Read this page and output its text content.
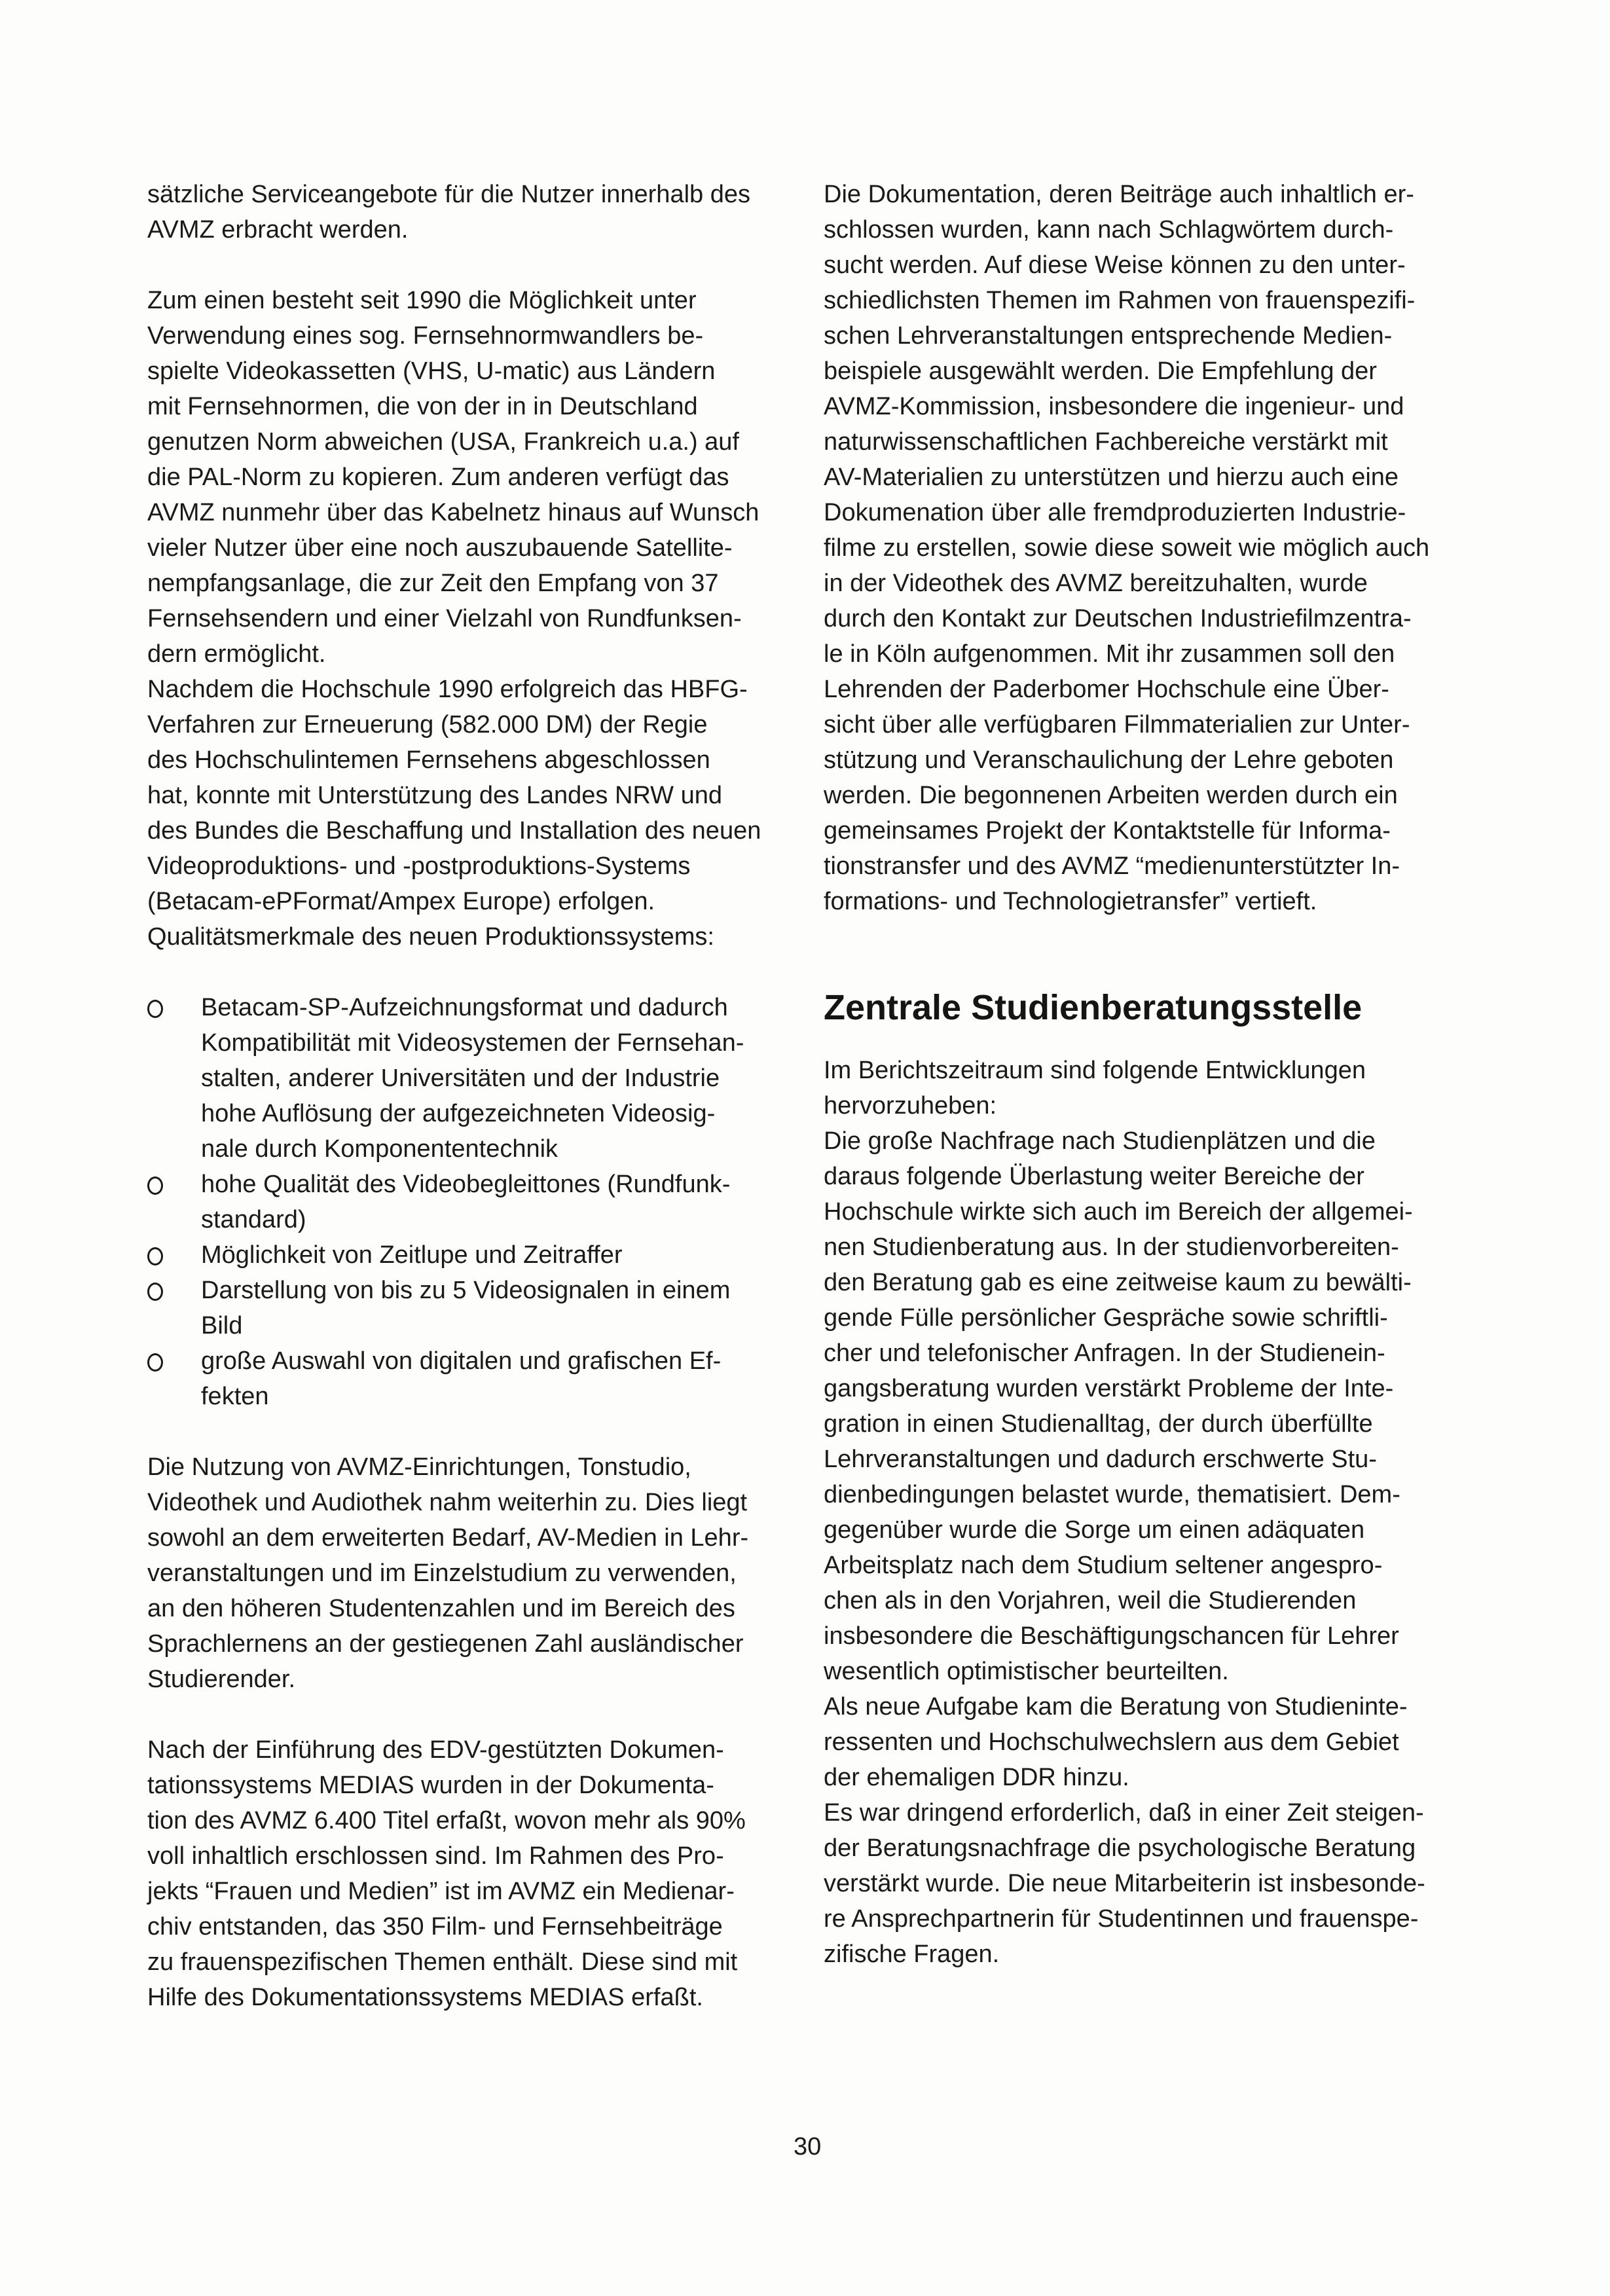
sätzliche Serviceangebote für die Nutzer innerhalb des
AVMZ erbracht werden.
Zum einen besteht seit 1990 die Möglichkeit unter
Verwendung eines sog. Fernsehnormwandlers be-
spielte Videokassetten (VHS, U-matic) aus Ländern
mit Fernsehnormen, die von der in in Deutschland
genutzen Norm abweichen (USA, Frankreich u.a.) auf
die PAL-Norm zu kopieren. Zum anderen verfügt das
AVMZ nunmehr über das Kabelnetz hinaus auf Wunsch
vieler Nutzer über eine noch auszubauende Satellite-
nempfangsanlage, die zur Zeit den Empfang von 37
Fernsehsendern und einer Vielzahl von Rundfunksen-
dern ermöglicht.
Nachdem die Hochschule 1990 erfolgreich das HBFG-
Verfahren zur Erneuerung (582.000 DM) der Regie
des Hochschulintemen Fernsehens abgeschlossen
hat, konnte mit Unterstützung des Landes NRW und
des Bundes die Beschaffung und Installation des neuen
Videoproduktions- und -postproduktions-Systems
(Betacam-ePFormat/Ampex Europe) erfolgen.
Qualitätsmerkmale des neuen Produktionssystems:
Betacam-SP-Aufzeichnungsformat und dadurch
Kompatibilität mit Videosystemen der Fernsehan-
stalten, anderer Universitäten und der Industrie
hohe Auflösung der aufgezeichneten Videosig-
nale durch Komponententechnik
hohe Qualität des Videobegleittones (Rundfunk-
standard)
Möglichkeit von Zeitlupe und Zeitraffer
Darstellung von bis zu 5 Videosignalen in einem
Bild
große Auswahl von digitalen und grafischen Ef-
fekten
Die Nutzung von AVMZ-Einrichtungen, Tonstudio,
Videothek und Audiothek nahm weiterhin zu. Dies liegt
sowohl an dem erweiterten Bedarf, AV-Medien in Lehr-
veranstaltungen und im Einzelstudium zu verwenden,
an den höheren Studentenzahlen und im Bereich des
Sprachlernens an der gestiegenen Zahl ausländischer
Studierender.
Nach der Einführung des EDV-gestützten Dokumen-
tationssystems MEDIAS wurden in der Dokumenta-
tion des AVMZ 6.400 Titel erfaßt, wovon mehr als 90%
voll inhaltlich erschlossen sind. Im Rahmen des Pro-
jekts “Frauen und Medien” ist im AVMZ ein Medienar-
chiv entstanden, das 350 Film- und Fernsehbeiträge
zu frauenspezifischen Themen enthält. Diese sind mit
Hilfe des Dokumentationssystems MEDIAS erfaßt.
Die Dokumentation, deren Beiträge auch inhaltlich er-
schlossen wurden, kann nach Schlagwörtem durch-
sucht werden. Auf diese Weise können zu den unter-
schiedlichsten Themen im Rahmen von frauenspezifi-
schen Lehrveranstaltungen entsprechende Medien-
beispiele ausgewählt werden. Die Empfehlung der
AVMZ-Kommission, insbesondere die ingenieur- und
naturwissenschaftlichen Fachbereiche verstärkt mit
AV-Materialien zu unterstützen und hierzu auch eine
Dokumenation über alle fremdproduzierten Industrie-
filme zu erstellen, sowie diese soweit wie möglich auch
in der Videothek des AVMZ bereitzuhalten, wurde
durch den Kontakt zur Deutschen Industriefilmzentra-
le in Köln aufgenommen. Mit ihr zusammen soll den
Lehrenden der Paderbomer Hochschule eine Über-
sicht über alle verfügbaren Filmmaterialien zur Unter-
stützung und Veranschaulichung der Lehre geboten
werden. Die begonnenen Arbeiten werden durch ein
gemeinsames Projekt der Kontaktstelle für Informa-
tionstransfer und des AVMZ “medienunterstützter In-
formations- und Technologietransfer” vertieft.
Zentrale Studienberatungsstelle
Im Berichtszeitraum sind folgende Entwicklungen
hervorzuheben:
Die große Nachfrage nach Studienplätzen und die
daraus folgende Überlastung weiter Bereiche der
Hochschule wirkte sich auch im Bereich der allgemei-
nen Studienberatung aus. In der studienvorbereiten-
den Beratung gab es eine zeitweise kaum zu bewälti-
gende Fülle persönlicher Gespräche sowie schriftli-
cher und telefonischer Anfragen. In der Studienein-
gangsberatung wurden verstärkt Probleme der Inte-
gration in einen Studienalltag, der durch überfüllte
Lehrveranstaltungen und dadurch erschwerte Stu-
dienbedingungen belastet wurde, thematisiert. Dem-
gegenüber wurde die Sorge um einen adäquaten
Arbeitsplatz nach dem Studium seltener angespro-
chen als in den Vorjahren, weil die Studierenden
insbesondere die Beschäftigungschancen für Lehrer
wesentlich optimistischer beurteilten.
Als neue Aufgabe kam die Beratung von Studieninte-
ressenten und Hochschulwechslern aus dem Gebiet
der ehemaligen DDR hinzu.
Es war dringend erforderlich, daß in einer Zeit steigen-
der Beratungsnachfrage die psychologische Beratung
verstärkt wurde. Die neue Mitarbeiterin ist insbesonde-
re Ansprechpartnerin für Studentinnen und frauenspe-
zifische Fragen.
30
